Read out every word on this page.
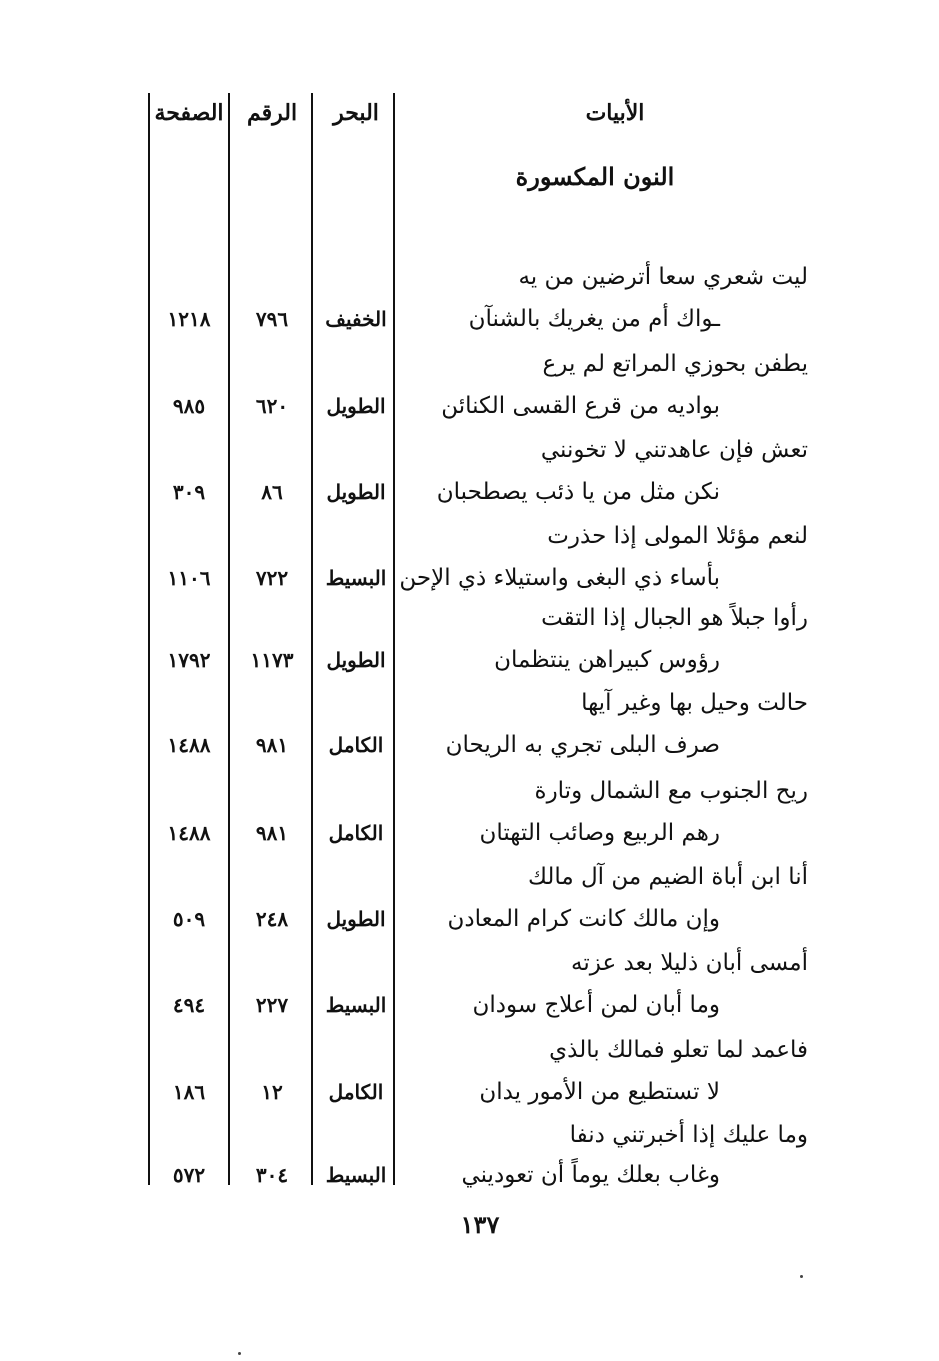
الأبيات
البحر
الرقم
الصفحة
النون المكسورة
ليت شعري سعا أترضين من يه
ـواك أم من يغريك بالشنآن
الخفيف
٧٩٦
١٢١٨
يطفن بحوزي المراتع لم يرع
بواديه من قرع القسى الكنائن
الطويل
٦٢٠
٩٨٥
تعش فإن عاهدتني لا تخونني
نكن مثل من يا ذئب يصطحبان
الطويل
٨٦
٣٠٩
لنعم مؤئلا المولى إذا حذرت
بأساء ذي البغى واستيلاء ذي الإحن
البسيط
٧٢٢
١١٠٦
رأوا جبلاً هو الجبال إذا التقت
رؤوس كبيراهن ينتظمان
الطويل
١١٧٣
١٧٩٢
حالت وحيل بها وغير آيها
صرف البلى تجري به الريحان
الكامل
٩٨١
١٤٨٨
ريح الجنوب مع الشمال وتارة
رهم الربيع وصائب التهتان
الكامل
٩٨١
١٤٨٨
أنا ابن أباة الضيم من آل مالك
وإن مالك كانت كرام المعادن
الطويل
٢٤٨
٥٠٩
أمسى أبان ذليلا بعد عزته
وما أبان لمن أعلاج سودان
البسيط
٢٢٧
٤٩٤
فاعمد لما تعلو فمالك بالذي
لا تستطيع من الأمور يدان
الكامل
١٢
١٨٦
وما عليك إذا أخبرتني دنفا
وغاب بعلك يوماً أن تعوديني
البسيط
٣٠٤
٥٧٢
١٣٧
